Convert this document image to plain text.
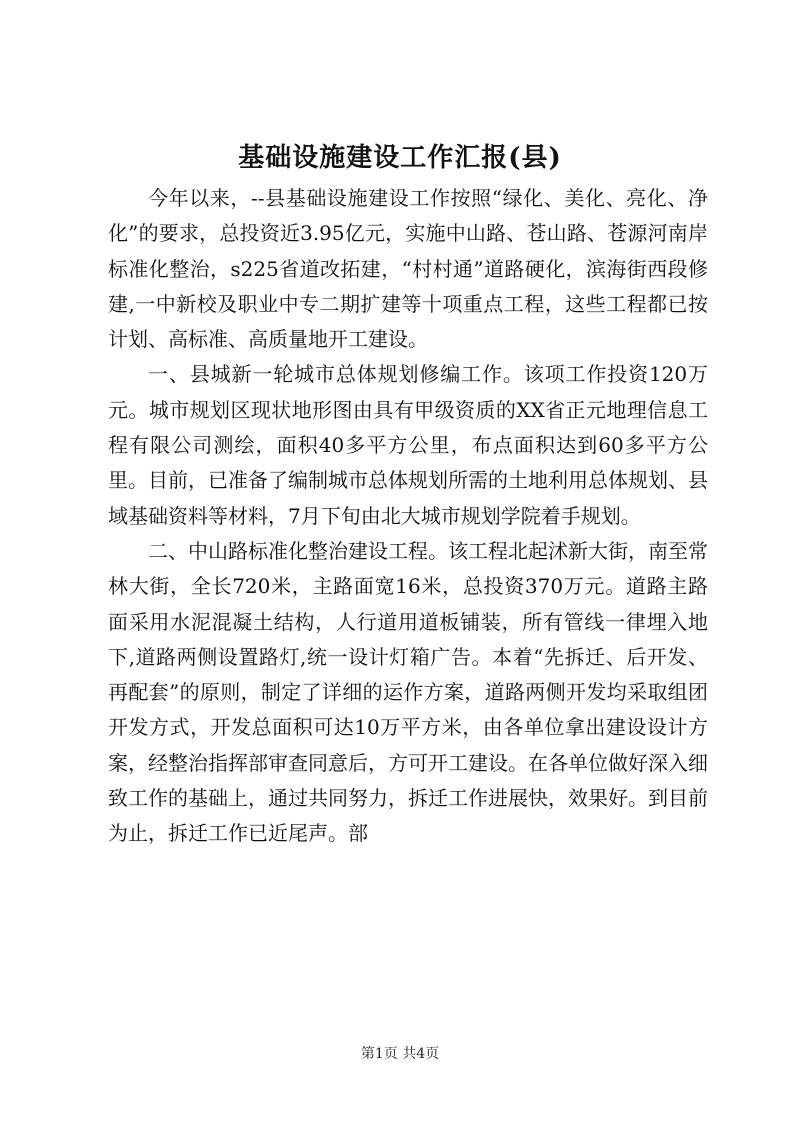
基础设施建设工作汇报(县)

今年以来，--县基础设施建设工作按照“绿化、美化、亮化、净化”的要求，总投资近3.95亿元，实施中山路、苍山路、苍源河南岸标准化整治，s225省道改拓建，“村村通”道路硬化，滨海街西段修建,一中新校及职业中专二期扩建等十项重点工程，这些工程都已按计划、高标准、高质量地开工建设。

一、县城新一轮城市总体规划修编工作。该项工作投资120万元。城市规划区现状地形图由具有甲级资质的XX省正元地理信息工程有限公司测绘，面积40多平方公里，布点面积达到60多平方公里。目前，已准备了编制城市总体规划所需的土地利用总体规划、县域基础资料等材料，7月下旬由北大城市规划学院着手规划。

二、中山路标准化整治建设工程。该工程北起沭新大街，南至常林大街，全长720米，主路面宽16米，总投资370万元。道路主路面采用水泥混凝土结构，人行道用道板铺装，所有管线一律埋入地下,道路两侧设置路灯,统一设计灯箱广告。本着“先拆迁、后开发、再配套”的原则，制定了详细的运作方案，道路两侧开发均采取组团开发方式，开发总面积可达10万平方米，由各单位拿出建设设计方案，经整治指挥部审查同意后，方可开工建设。在各单位做好深入细致工作的基础上，通过共同努力，拆迁工作进展快，效果好。到目前为止，拆迁工作已近尾声。部

第1页 共4页
